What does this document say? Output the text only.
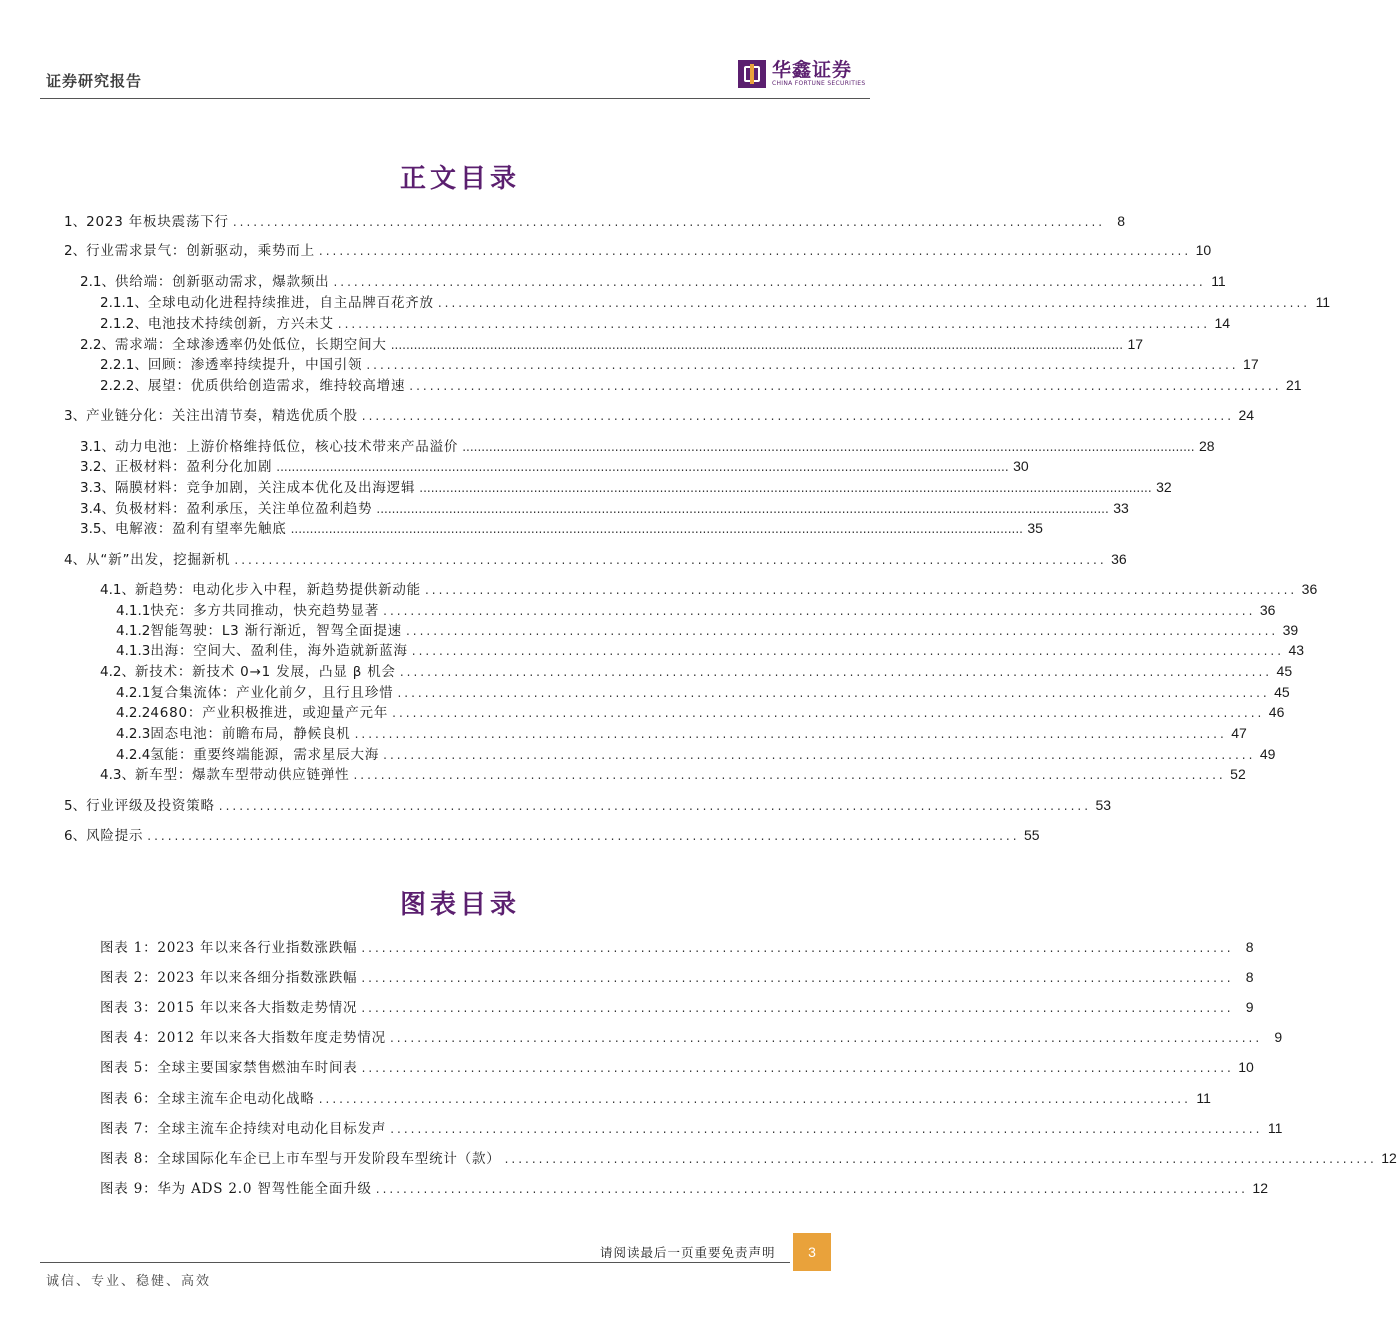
证券研究报告	华鑫证券
CHINA FORTUNE SECURITIES
正文目录
1、 2023 年板块震荡下行 ................................................................................................................................ 8
2、 行业需求景气：创新驱动，乘势而上 ................................................................................................................................ 10
2.1、 供给端：创新驱动需求，爆款频出 ................................................................................................................................ 11
2.1.1、 全球电动化进程持续推进，自主品牌百花齐放 ................................................................................................................................ 11
2.1.2、 电池技术持续创新，方兴未艾 ................................................................................................................................ 14
2.2、 需求端：全球渗透率仍处低位，长期空间大 ................................................................................................................................................................................................ 17
2.2.1、 回顾：渗透率持续提升，中国引领 ................................................................................................................................ 17
2.2.2、 展望：优质供给创造需求，维持较高增速 ................................................................................................................................ 21
3、 产业链分化：关注出清节奏，精选优质个股 ................................................................................................................................ 24
3.1、 动力电池：上游价格维持低位，核心技术带来产品溢价 ................................................................................................................................................................................................ 28
3.2、 正极材料：盈利分化加剧 ................................................................................................................................................................................................ 30
3.3、 隔膜材料：竞争加剧，关注成本优化及出海逻辑 ................................................................................................................................................................................................ 32
3.4、 负极材料：盈利承压，关注单位盈利趋势 ................................................................................................................................................................................................ 33
3.5、 电解液：盈利有望率先触底 ................................................................................................................................................................................................ 35
4、 从“新”出发，挖掘新机 ................................................................................................................................ 36
4.1、 新趋势：电动化步入中程，新趋势提供新动能 ................................................................................................................................ 36
4.1.1 快充：多方共同推动，快充趋势显著 ................................................................................................................................ 36
4.1.2 智能驾驶：L3 渐行渐近，智驾全面提速 ................................................................................................................................ 39
4.1.3 出海：空间大、盈利佳，海外造就新蓝海 ................................................................................................................................ 43
4.2、 新技术：新技术 0→1 发展，凸显 β 机会 ................................................................................................................................ 45
4.2.1 复合集流体：产业化前夕，且行且珍惜 ................................................................................................................................ 45
4.2.2 4680：产业积极推进，或迎量产元年 ................................................................................................................................ 46
4.2.3 固态电池：前瞻布局，静候良机 ................................................................................................................................ 47
4.2.4 氢能：重要终端能源，需求星辰大海 ................................................................................................................................ 49
4.3、 新车型：爆款车型带动供应链弹性 ................................................................................................................................ 52
5、 行业评级及投资策略 ................................................................................................................................ 53
6、 风险提示 ................................................................................................................................ 55
图表目录
图表 1：2023 年以来各行业指数涨跌幅 ................................................................................................................................ 8
图表 2：2023 年以来各细分指数涨跌幅 ................................................................................................................................ 8
图表 3：2015 年以来各大指数走势情况 ................................................................................................................................ 9
图表 4：2012 年以来各大指数年度走势情况 ................................................................................................................................ 9
图表 5：全球主要国家禁售燃油车时间表 ................................................................................................................................ 10
图表 6：全球主流车企电动化战略 ................................................................................................................................ 11
图表 7：全球主流车企持续对电动化目标发声 ................................................................................................................................ 11
图表 8：全球国际化车企已上市车型与开发阶段车型统计（款） ................................................................................................................................ 12
图表 9：华为 ADS 2.0 智驾性能全面升级 ................................................................................................................................ 12
请阅读最后一页重要免责声明	3
诚信、专业、稳健、高效
